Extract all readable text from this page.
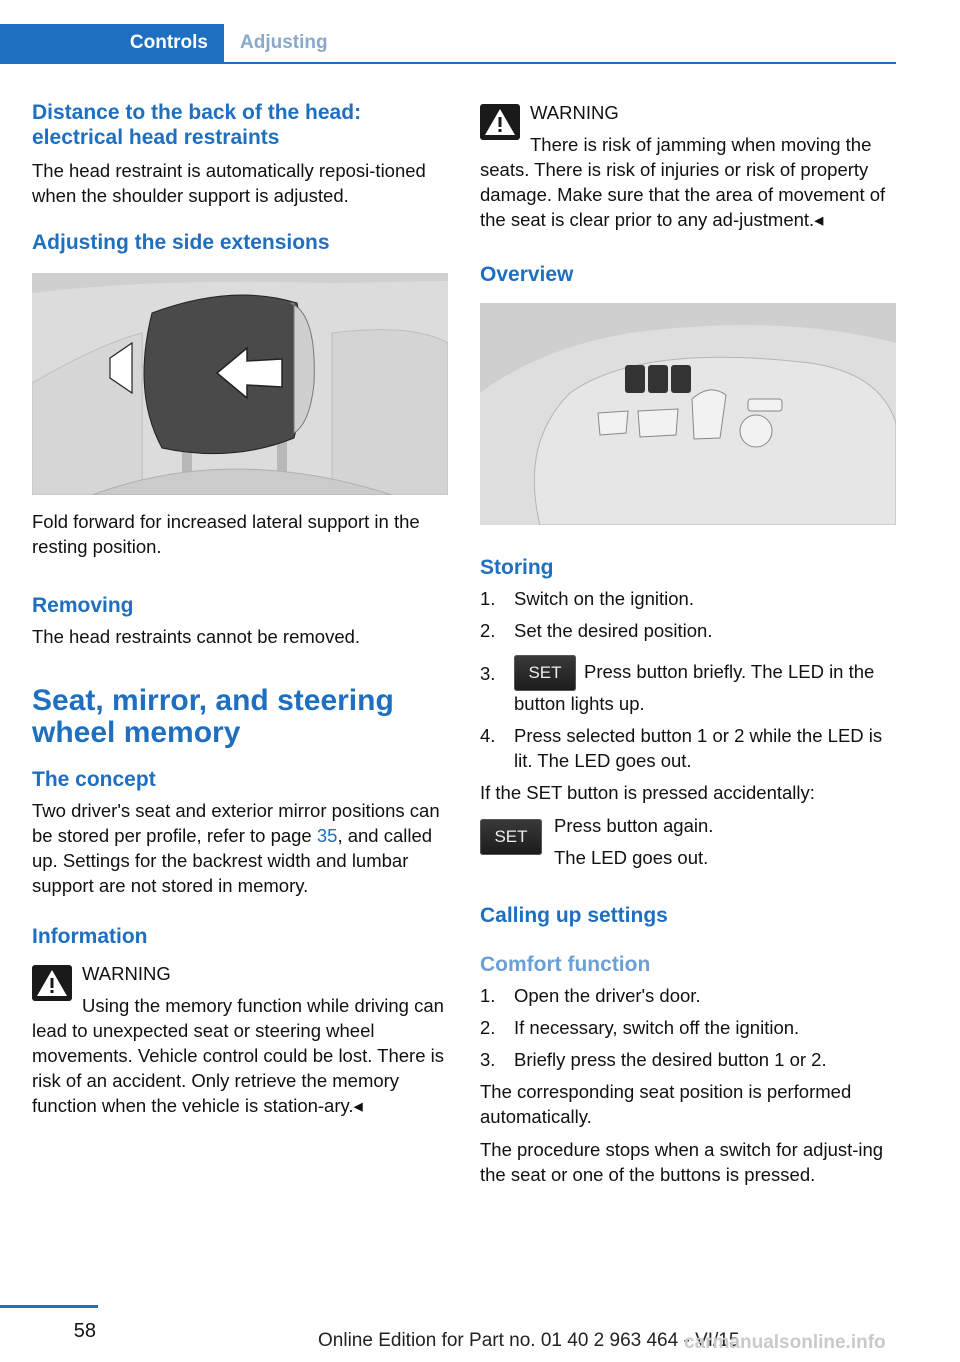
Controls	Adjusting
Distance to the back of the head: electrical head restraints

The head restraint is automatically reposi-tioned when the shoulder support is adjusted.

Adjusting the side extensions

Fold forward for increased lateral support in the resting position.

Removing

The head restraints cannot be removed.

Seat, mirror, and steering wheel memory
The concept

Two driver's seat and exterior mirror positions can be stored per profile, refer to page 35, and called up. Settings for the backrest width and lumbar support are not stored in memory.

Information
WARNING

Using the memory function while driving can lead to unexpected seat or steering wheel movements. Vehicle control could be lost. There is risk of an accident. Only retrieve the memory function when the vehicle is station-ary.◂

WARNING

There is risk of jamming when moving the seats. There is risk of injuries or risk of property damage. Make sure that the area of movement of the seat is clear prior to any ad-justment.◂

Overview
Storing
1. Switch on the ignition.
2. Set the desired position.
3. SET Press button briefly. The LED in the button lights up.
4. Press selected button 1 or 2 while the LED is lit. The LED goes out.

If the SET button is pressed accidentally:

SET

Press button again.

The LED goes out.

Calling up settings
Comfort function
1. Open the driver's door.
2. If necessary, switch off the ignition.
3. Briefly press the desired button 1 or 2.

The corresponding seat position is performed automatically.

The procedure stops when a switch for adjust-ing the seat or one of the buttons is pressed.

58	Online Edition for Part no. 01 40 2 963 464 - VI/15
carmanualsonline.info
